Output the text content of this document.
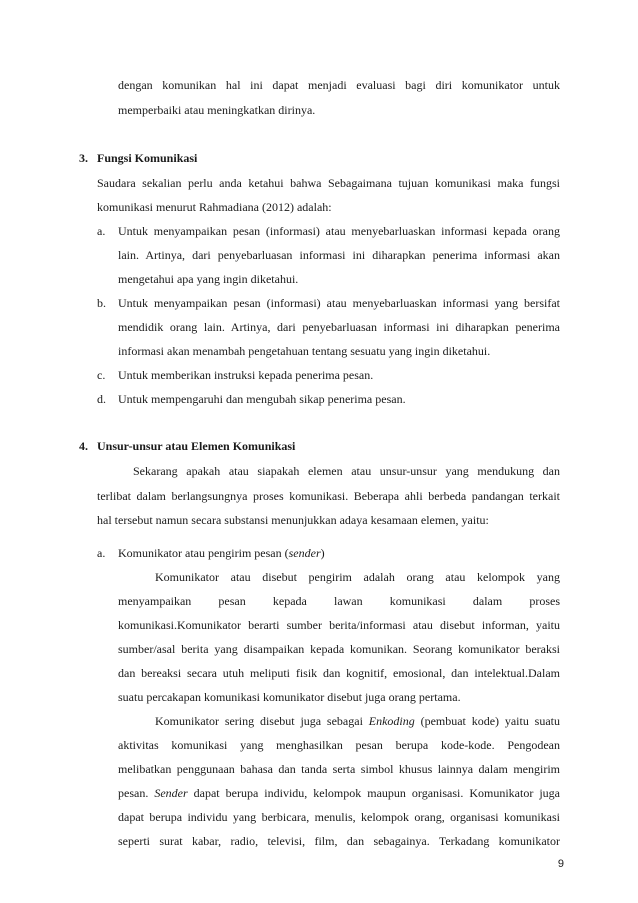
dengan komunikan hal ini dapat menjadi evaluasi bagi diri komunikator untuk
memperbaiki atau meningkatkan dirinya.
3. Fungsi Komunikasi
Saudara sekalian perlu anda ketahui bahwa Sebagaimana tujuan komunikasi maka fungsi
komunikasi menurut Rahmadiana (2012) adalah:
a. Untuk menyampaikan pesan (informasi) atau menyebarluaskan informasi kepada orang
lain. Artinya, dari penyebarluasan informasi ini diharapkan penerima informasi akan
mengetahui apa yang ingin diketahui.
b. Untuk menyampaikan pesan (informasi) atau menyebarluaskan informasi yang bersifat
mendidik orang lain. Artinya, dari penyebarluasan informasi ini diharapkan penerima
informasi akan menambah pengetahuan tentang sesuatu yang ingin diketahui.
c. Untuk memberikan instruksi kepada penerima pesan.
d. Untuk mempengaruhi dan mengubah sikap penerima pesan.
4. Unsur-unsur atau Elemen Komunikasi
Sekarang apakah atau siapakah elemen atau unsur-unsur yang mendukung dan
terlibat dalam berlangsungnya proses komunikasi. Beberapa ahli berbeda pandangan terkait
hal tersebut namun secara substansi menunjukkan adaya kesamaan elemen, yaitu:
a. Komunikator atau pengirim pesan (sender)
Komunikator atau disebut pengirim adalah orang atau kelompok yang
menyampaikan pesan kepada lawan komunikasi dalam proses
komunikasi.Komunikator berarti sumber berita/informasi atau disebut informan, yaitu
sumber/asal berita yang disampaikan kepada komunikan. Seorang komunikator beraksi
dan bereaksi secara utuh meliputi fisik dan kognitif, emosional, dan intelektual.Dalam
suatu percakapan komunikasi komunikator disebut juga orang pertama.
Komunikator sering disebut juga sebagai Enkoding (pembuat kode) yaitu suatu
aktivitas komunikasi yang menghasilkan pesan berupa kode-kode. Pengodean
melibatkan penggunaan bahasa dan tanda serta simbol khusus lainnya dalam mengirim
pesan. Sender dapat berupa individu, kelompok maupun organisasi. Komunikator juga
dapat berupa individu yang berbicara, menulis, kelompok orang, organisasi komunikasi
seperti surat kabar, radio, televisi, film, dan sebagainya. Terkadang komunikator
9
